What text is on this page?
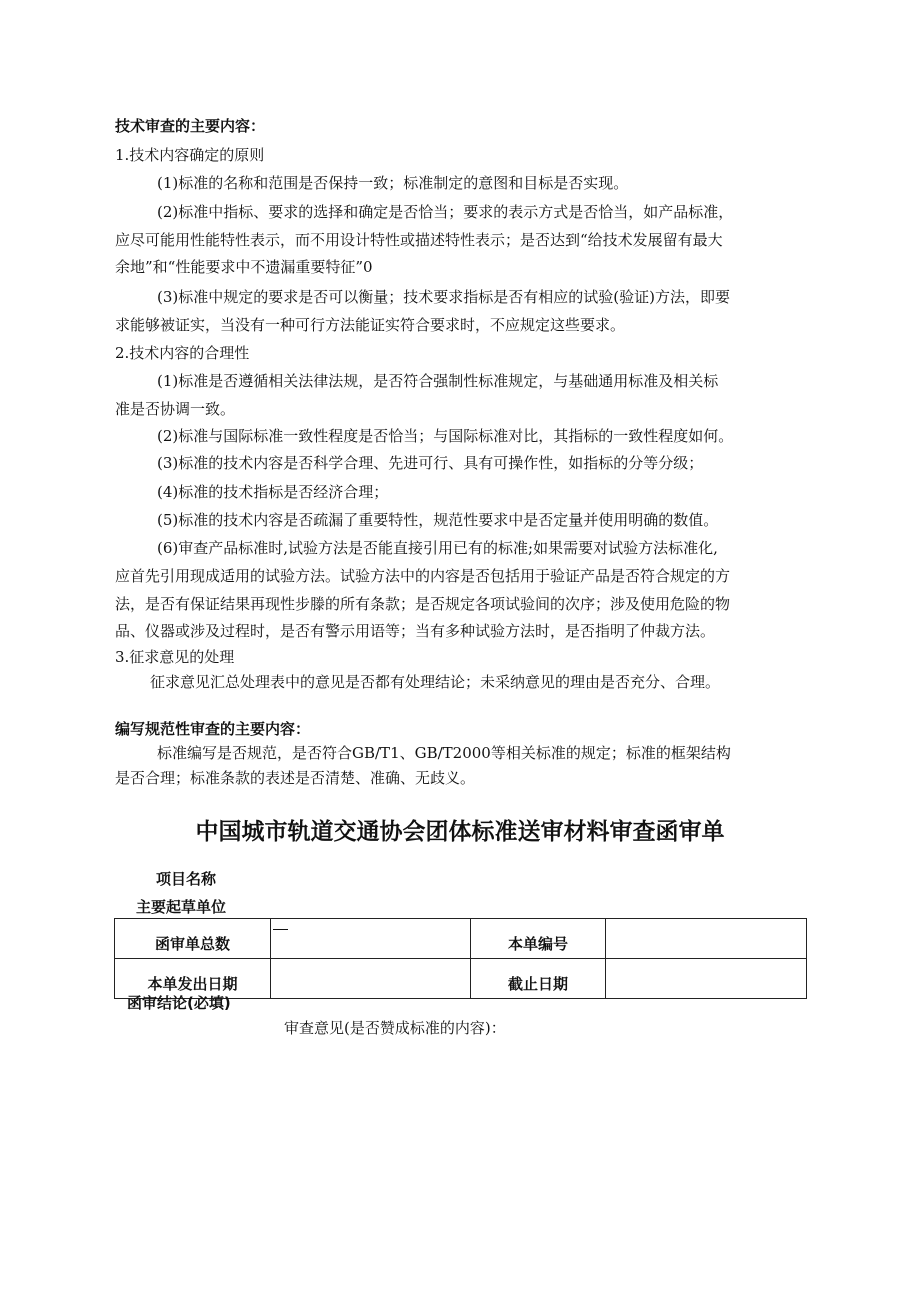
技术审查的主要内容：
1.技术内容确定的原则
(1)标准的名称和范围是否保持一致；标准制定的意图和目标是否实现。
(2)标准中指标、要求的选择和确定是否恰当；要求的表示方式是否恰当，如产品标准，
应尽可能用性能特性表示，而不用设计特性或描述特性表示；是否达到“给技术发展留有最大
余地”和“性能要求中不遗漏重要特征”0
(3)标准中规定的要求是否可以衡量；技术要求指标是否有相应的试验(验证)方法，即要
求能够被证实，当没有一种可行方法能证实符合要求时，不应规定这些要求。
2.技术内容的合理性
(1)标准是否遵循相关法律法规，是否符合强制性标准规定，与基础通用标准及相关标
准是否协调一致。
(2)标准与国际标准一致性程度是否恰当；与国际标准对比，其指标的一致性程度如何。
(3)标准的技术内容是否科学合理、先进可行、具有可操作性，如指标的分等分级；
(4)标准的技术指标是否经济合理；
(5)标准的技术内容是否疏漏了重要特性，规范性要求中是否定量并使用明确的数值。
(6)审查产品标准时,试验方法是否能直接引用已有的标准;如果需要对试验方法标准化,
应首先引用现成适用的试验方法。试验方法中的内容是否包括用于验证产品是否符合规定的方
法，是否有保证结果再现性步滕的所有条款；是否规定各项试验间的次序；涉及使用危险的物
品、仪器或涉及过程时，是否有警示用语等；当有多种试验方法时，是否指明了仲裁方法。
3.征求意见的处理
征求意见汇总处理表中的意见是否都有处理结论；未采纳意见的理由是否充分、合理。
编写规范性审查的主要内容：
标准编写是否规范，是否符合GB/T1、GB/T2000等相关标准的规定；标准的框架结构
是否合理；标准条款的表述是否清楚、准确、无歧义。
中国城市轨道交通协会团体标准送审材料审查函审单
项目名称
主要起草单位
函审单总数		本单编号	
本单发出日期		截止日期	
函审结论(必填)
审查意见(是否赞成标准的内容)：
